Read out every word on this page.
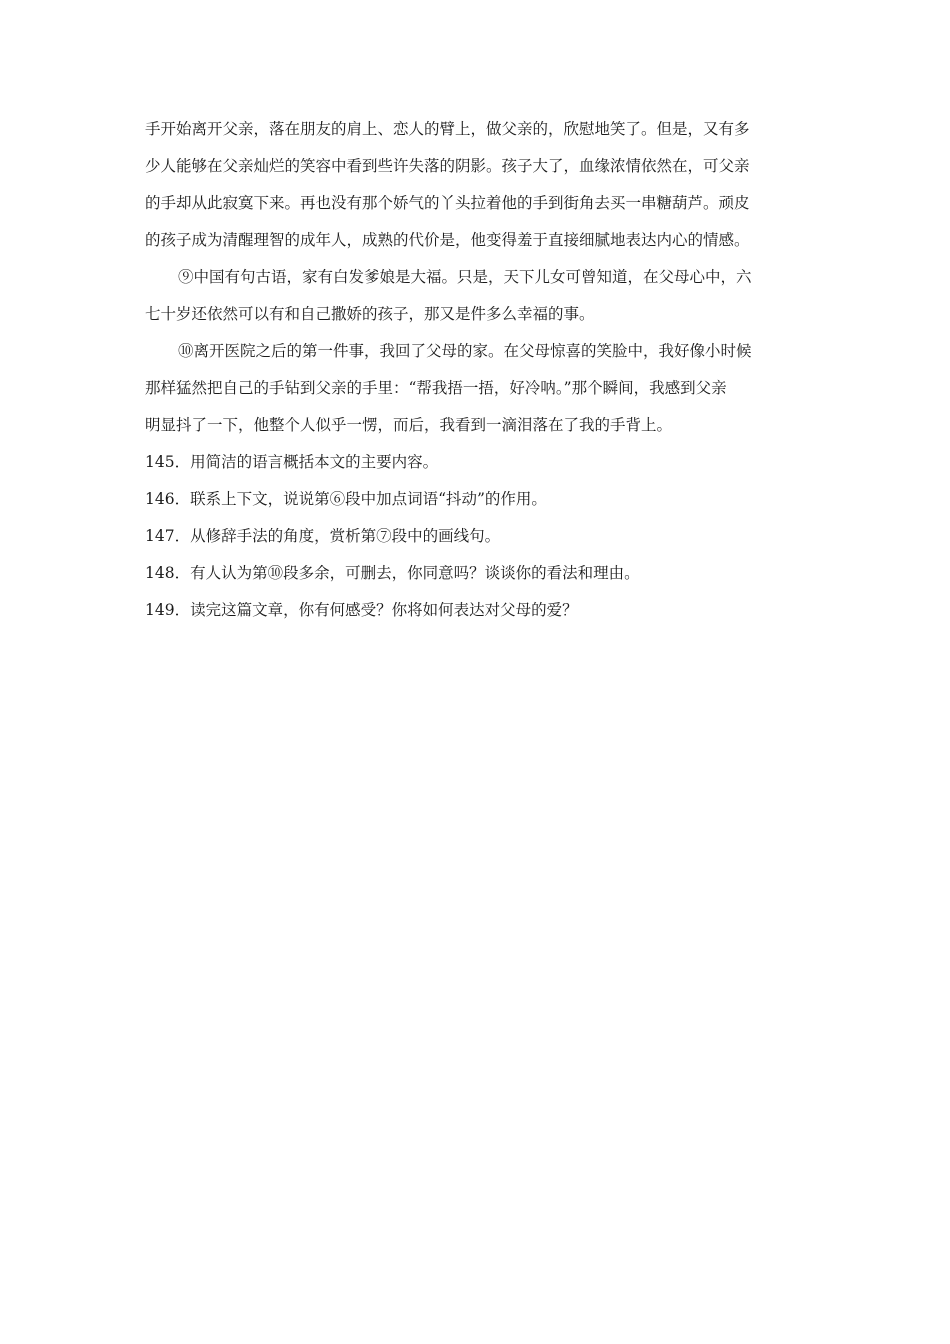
手开始离开父亲，落在朋友的肩上、恋人的臂上，做父亲的，欣慰地笑了。但是，又有多
少人能够在父亲灿烂的笑容中看到些许失落的阴影。孩子大了，血缘浓情依然在，可父亲
的手却从此寂寞下来。再也没有那个娇气的丫头拉着他的手到街角去买一串糖葫芦。顽皮
的孩子成为清醒理智的成年人，成熟的代价是，他变得羞于直接细腻地表达内心的情感。
⑨中国有句古语，家有白发爹娘是大福。只是，天下儿女可曾知道，在父母心中，六
七十岁还依然可以有和自己撒娇的孩子，那又是件多么幸福的事。
⑩离开医院之后的第一件事，我回了父母的家。在父母惊喜的笑脸中，我好像小时候
那样猛然把自己的手钻到父亲的手里：“帮我捂一捂，好冷呐。”那个瞬间，我感到父亲
明显抖了一下，他整个人似乎一愣，而后，我看到一滴泪落在了我的手背上。
145．用简洁的语言概括本文的主要内容。
146．联系上下文，说说第⑥段中加点词语“抖动”的作用。
147．从修辞手法的角度，赏析第⑦段中的画线句。
148．有人认为第⑩段多余，可删去，你同意吗？谈谈你的看法和理由。
149．读完这篇文章，你有何感受？你将如何表达对父母的爱？
